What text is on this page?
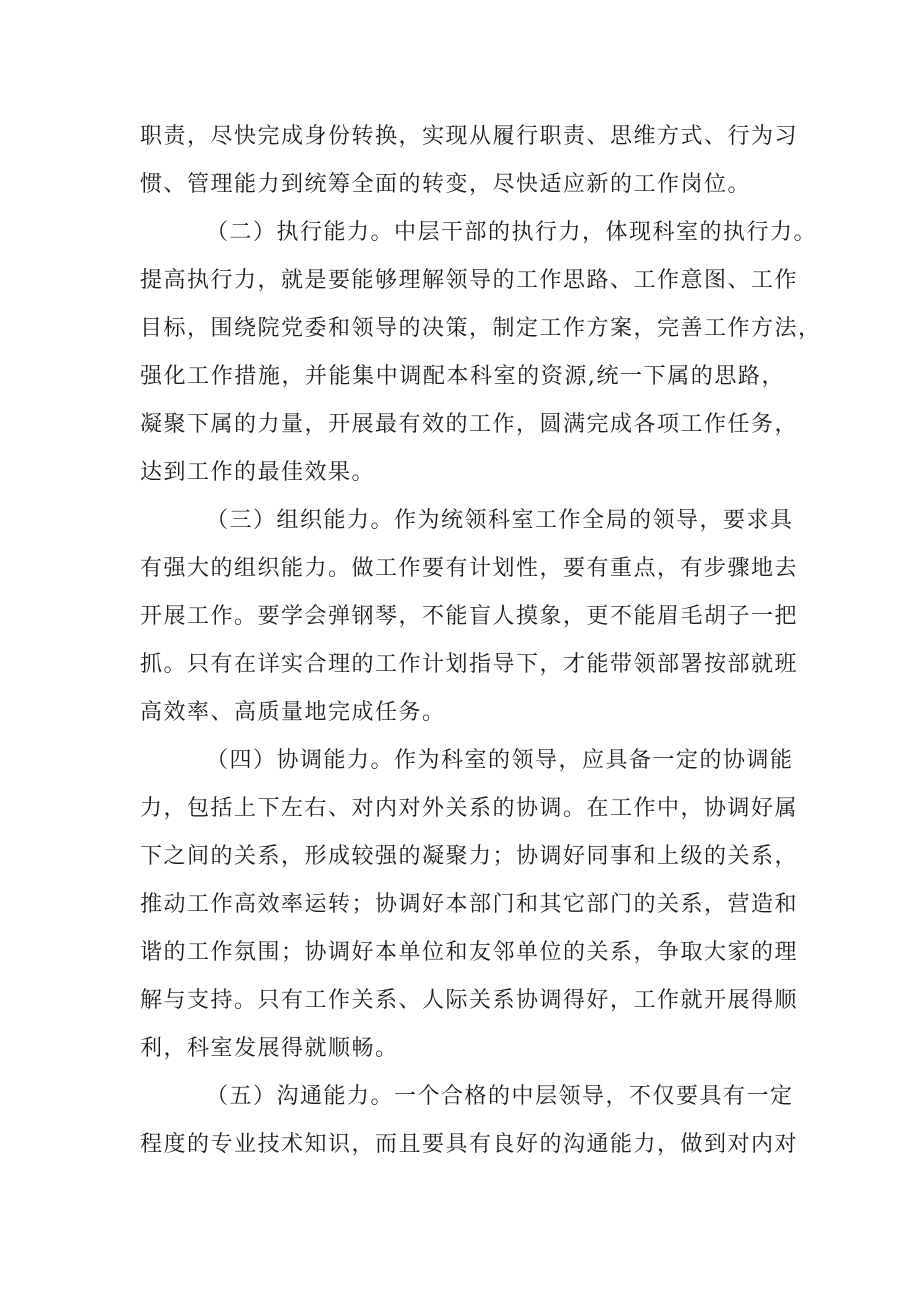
职责，尽快完成身份转换，实现从履行职责、思维方式、行为习
惯、管理能力到统筹全面的转变，尽快适应新的工作岗位。
（二）执行能力。中层干部的执行力，体现科室的执行力。
提高执行力，就是要能够理解领导的工作思路、工作意图、工作
目标，围绕院党委和领导的决策，制定工作方案，完善工作方法，
强化工作措施，并能集中调配本科室的资源,统一下属的思路，
凝聚下属的力量，开展最有效的工作，圆满完成各项工作任务，
达到工作的最佳效果。
（三）组织能力。作为统领科室工作全局的领导，要求具
有强大的组织能力。做工作要有计划性，要有重点，有步骤地去
开展工作。要学会弹钢琴，不能盲人摸象，更不能眉毛胡子一把
抓。只有在详实合理的工作计划指导下，才能带领部署按部就班
高效率、高质量地完成任务。
（四）协调能力。作为科室的领导，应具备一定的协调能
力，包括上下左右、对内对外关系的协调。在工作中，协调好属
下之间的关系，形成较强的凝聚力；协调好同事和上级的关系，
推动工作高效率运转；协调好本部门和其它部门的关系，营造和
谐的工作氛围；协调好本单位和友邻单位的关系，争取大家的理
解与支持。只有工作关系、人际关系协调得好，工作就开展得顺
利，科室发展得就顺畅。
（五）沟通能力。一个合格的中层领导，不仅要具有一定
程度的专业技术知识，而且要具有良好的沟通能力，做到对内对
